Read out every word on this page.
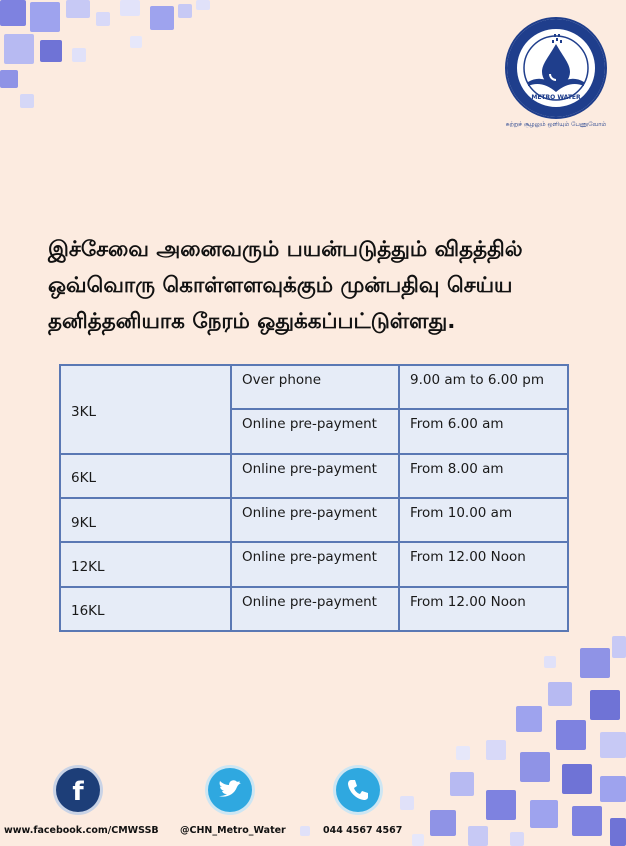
METRO WATER
சுற்றுச் சூழலும் ஒளியும் பேணுவோம்
இச்சேவை அனைவரும் பயன்படுத்தும் விதத்தில்
ஒவ்வொரு கொள்ளளவுக்கும் முன்பதிவு செய்ய
தனித்தனியாக நேரம் ஒதுக்கப்பட்டுள்ளது.
3KL	Over phone	9.00 am to 6.00 pm
	Online pre-payment	From 6.00 am
6KL	Online pre-payment	From 8.00 am
9KL	Online pre-payment	From 10.00 am
12KL	Online pre-payment	From 12.00 Noon
16KL	Online pre-payment	From 12.00 Noon
f
www.facebook.com/CMWSSB @CHN_Metro_Water	044 4567 4567
